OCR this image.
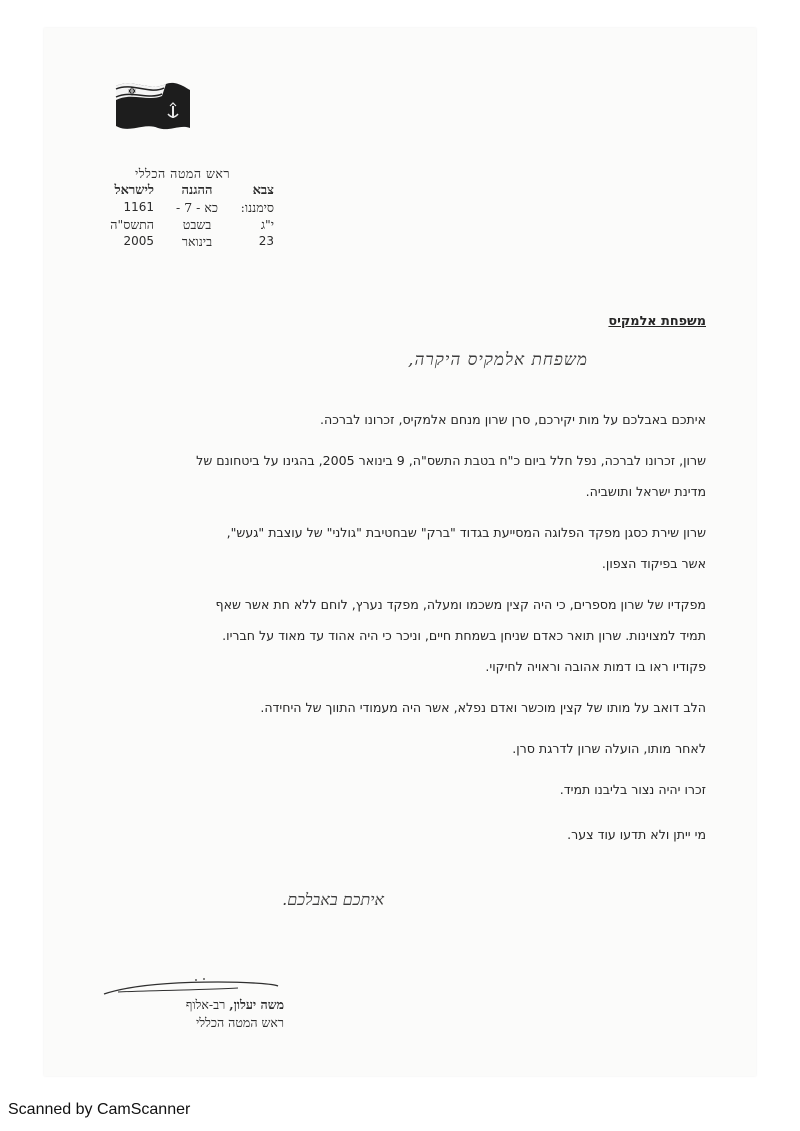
ראש המטה הכללי
צבא
ההגנה
לישראל
סימננו:
כא - 7 -
1161
י"ג
בשבט
התשס"ה
23
בינואר
2005
משפחת אלמקיס
משפחת אלמקיס היקרה,

איתכם באבלכם על מות יקירכם, סרן שרון מנחם אלמקיס, זכרונו לברכה.

שרון, זכרונו לברכה, נפל חלל ביום כ"ח בטבת התשס"ה, 9 בינואר 2005, בהגינו על ביטחונם של
מדינת ישראל ותושביה.

שרון שירת כסגן מפקד הפלוגה המסייעת בגדוד "ברק" שבחטיבת "גולני" של עוצבת "געש",
אשר בפיקוד הצפון.

מפקדיו של שרון מספרים, כי היה קצין משכמו ומעלה, מפקד נערץ, לוחם ללא חת אשר שאף
תמיד למצוינות. שרון תואר כאדם שניחן בשמחת חיים, וניכר כי היה אהוד עד מאוד על חבריו.
פקודיו ראו בו דמות אהובה וראויה לחיקוי.

הלב דואב על מותו של קצין מוכשר ואדם נפלא, אשר היה מעמודי התווך של היחידה.

לאחר מותו, הועלה שרון לדרגת סרן.

זכרו יהיה נצור בליבנו תמיד.

מי ייתן ולא תדעו עוד צער.

איתכם באבלכם.
משה יעלון, רב-אלוף
ראש המטה הכללי
Scanned by CamScanner
